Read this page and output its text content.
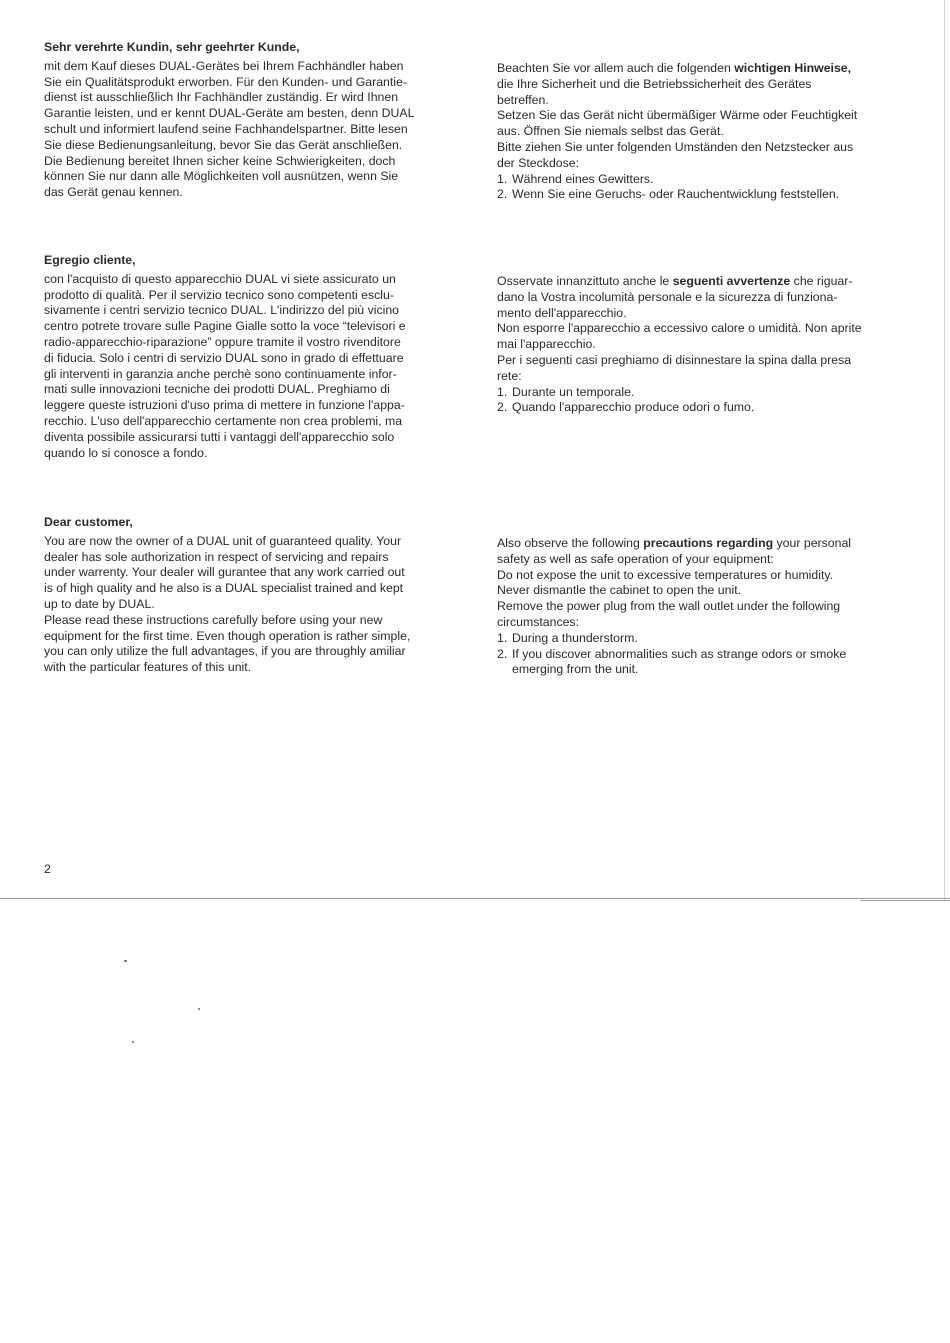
Sehr verehrte Kundin, sehr geehrter Kunde,
mit dem Kauf dieses DUAL-Gerätes bei Ihrem Fachhändler haben
Sie ein Qualitätsprodukt erworben. Für den Kunden- und Garantie-
dienst ist ausschließlich Ihr Fachhändler zuständig. Er wird Ihnen
Garantie leisten, und er kennt DUAL-Geräte am besten, denn DUAL
schult und informiert laufend seine Fachhandelspartner. Bitte lesen
Sie diese Bedienungsanleitung, bevor Sie das Gerät anschließen.
Die Bedienung bereitet Ihnen sicher keine Schwierigkeiten, doch
können Sie nur dann alle Möglichkeiten voll ausnützen, wenn Sie
das Gerät genau kennen.
Beachten Sie vor allem auch die folgenden wichtigen Hinweise,
die Ihre Sicherheit und die Betriebssicherheit des Gerätes
betreffen.
Setzen Sie das Gerät nicht übermäßiger Wärme oder Feuchtigkeit
aus. Öffnen Sie niemals selbst das Gerät.
Bitte ziehen Sie unter folgenden Umständen den Netzstecker aus
der Steckdose:
1. Während eines Gewitters.
2. Wenn Sie eine Geruchs- oder Rauchentwicklung feststellen.
Egregio cliente,
con l'acquisto di questo apparecchio DUAL vi siete assicurato un
prodotto di qualità. Per il servizio tecnico sono competenti esclu-
sivamente i centri servizio tecnico DUAL. L'indirizzo del più vicino
centro potrete trovare sulle Pagine Gialle sotto la voce “televisori e
radio-apparecchio-riparazione” oppure tramite il vostro rivenditore
di fiducia. Solo i centri di servizio DUAL sono in grado di effettuare
gli interventi in garanzia anche perchè sono continuamente infor-
mati sulle innovazioni tecniche dei prodotti DUAL. Preghiamo di
leggere queste istruzioni d'uso prima di mettere in funzione l'appa-
recchio. L'uso dell'apparecchio certamente non crea problemi, ma
diventa possibile assicurarsi tutti i vantaggi dell'apparecchio solo
quando lo si conosce a fondo.
Osservate innanzittuto anche le seguenti avvertenze che riguar-
dano la Vostra incolumità personale e la sicurezza di funziona-
mento dell'apparecchio.
Non esporre l'apparecchio a eccessivo calore o umidità. Non aprite
mai l'apparecchio.
Per i seguenti casi preghiamo di disinnestare la spina dalla presa
rete:
1. Durante un temporale.
2. Quando l'apparecchio produce odori o fumo.
Dear customer,
You are now the owner of a DUAL unit of guaranteed quality. Your
dealer has sole authorization in respect of servicing and repairs
under warrenty. Your dealer will gurantee that any work carried out
is of high quality and he also is a DUAL specialist trained and kept
up to date by DUAL.
Please read these instructions carefully before using your new
equipment for the first time. Even though operation is rather simple,
you can only utilize the full advantages, if you are throughly amiliar
with the particular features of this unit.
Also observe the following precautions regarding your personal
safety as well as safe operation of your equipment:
Do not expose the unit to excessive temperatures or humidity.
Never dismantle the cabinet to open the unit.
Remove the power plug from the wall outlet under the following
circumstances:
1. During a thunderstorm.
2. If you discover abnormalities such as strange odors or smoke emerging from the unit.
2
